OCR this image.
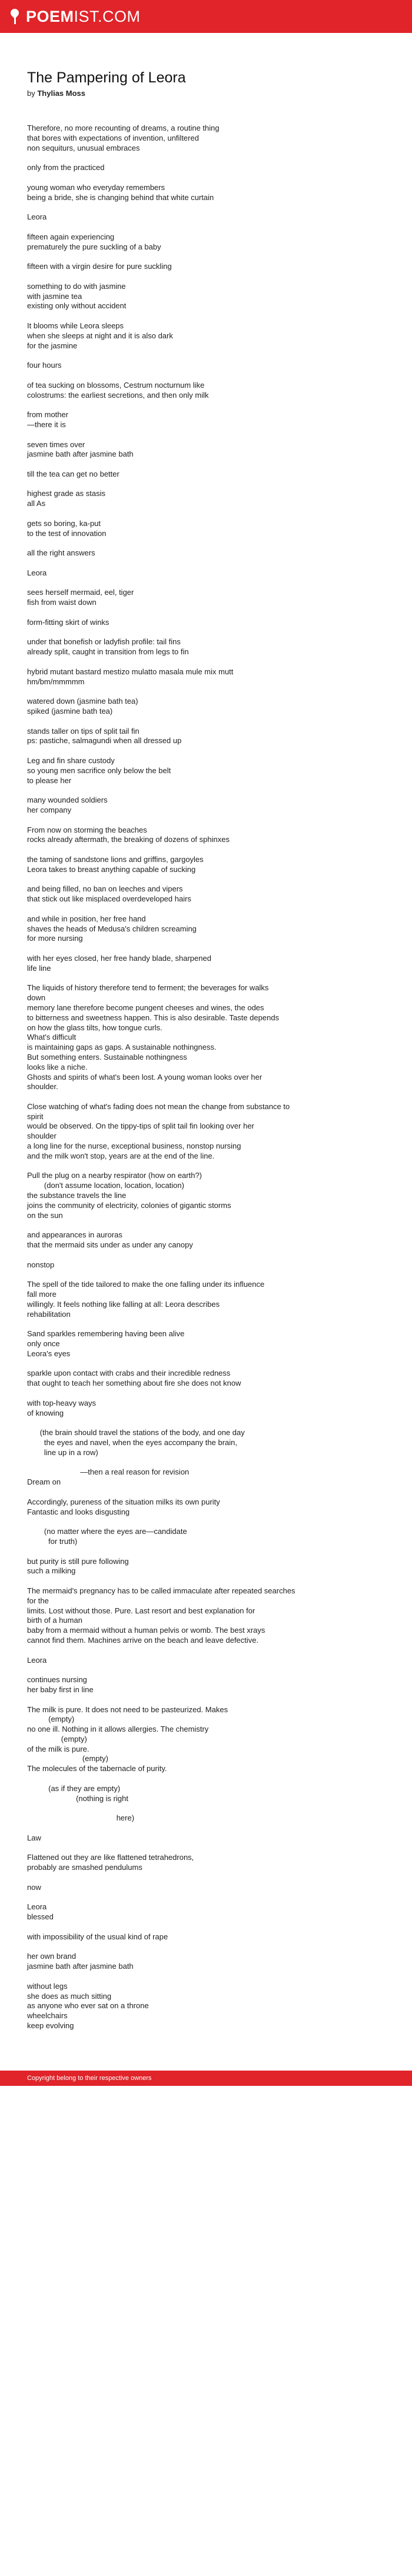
POEMIST.COM
The Pampering of Leora
by Thylias Moss

Therefore, no more recounting of dreams, a routine thing
that bores with expectations of invention, unfiltered
non sequiturs, unusual embraces

only from the practiced

young woman who everyday remembers
being a bride, she is changing behind that white curtain

Leora

fifteen again experiencing
prematurely the pure suckling of a baby

fifteen with a virgin desire for pure suckling

something to do with jasmine
with jasmine tea
existing only without accident

It blooms while Leora sleeps
when she sleeps at night and it is also dark
for the jasmine

four hours

of tea sucking on blossoms, Cestrum nocturnum like
colostrums: the earliest secretions, and then only milk

from mother
—there it is

seven times over
jasmine bath after jasmine bath

till the tea can get no better

highest grade as stasis
all As

gets so boring, ka-put
to the test of innovation

all the right answers

Leora

sees herself mermaid, eel, tiger
fish from waist down

form-fitting skirt of winks

under that bonefish or ladyfish profile: tail fins
already split, caught in transition from legs to fin

hybrid mutant bastard mestizo mulatto masala mule mix mutt
hm/bm/mmmmm

watered down (jasmine bath tea)
spiked (jasmine bath tea)

stands taller on tips of split tail fin
ps: pastiche, salmagundi when all dressed up

Leg and fin share custody
so young men sacrifice only below the belt
to please her

many wounded soldiers
her company

From now on storming the beaches
rocks already aftermath, the breaking of dozens of sphinxes

the taming of sandstone lions and griffins, gargoyles
Leora takes to breast anything capable of sucking

and being filled, no ban on leeches and vipers
that stick out like misplaced overdeveloped hairs

and while in position, her free hand
shaves the heads of Medusa's children screaming
for more nursing

with her eyes closed, her free handy blade, sharpened
life line

The liquids of history therefore tend to ferment; the beverages for walks
down
memory lane therefore become pungent cheeses and wines, the odes
to bitterness and sweetness happen. This is also desirable. Taste depends
on how the glass tilts, how tongue curls.
What's difficult
is maintaining gaps as gaps. A sustainable nothingness.
But something enters. Sustainable nothingness
looks like a niche.
Ghosts and spirits of what's been lost. A young woman looks over her
shoulder.

Close watching of what's fading does not mean the change from substance to
spirit
would be observed. On the tippy-tips of split tail fin looking over her
shoulder
a long line for the nurse, exceptional business, nonstop nursing
and the milk won't stop, years are at the end of the line.

Pull the plug on a nearby respirator (how on earth?)
(don't assume location, location, location)
the substance travels the line
joins the community of electricity, colonies of gigantic storms
on the sun

and appearances in auroras
that the mermaid sits under as under any canopy

nonstop

The spell of the tide tailored to make the one falling under its influence
fall more
willingly. It feels nothing like falling at all: Leora describes
rehabilitation

Sand sparkles remembering having been alive
only once
Leora's eyes

sparkle upon contact with crabs and their incredible redness
that ought to teach her something about fire she does not know

with top-heavy ways
of knowing

(the brain should travel the stations of the body, and one day
the eyes and navel, when the eyes accompany the brain,
line up in a row)

—then a real reason for revision
Dream on

Accordingly, pureness of the situation milks its own purity
Fantastic and looks disgusting

(no matter where the eyes are—candidate
for truth)

but purity is still pure following
such a milking

The mermaid's pregnancy has to be called immaculate after repeated searches
for the
limits. Lost without those. Pure. Last resort and best explanation for
birth of a human
baby from a mermaid without a human pelvis or womb. The best xrays
cannot find them. Machines arrive on the beach and leave defective.

Leora

continues nursing
her baby first in line

The milk is pure. It does not need to be pasteurized. Makes
(empty)
no one ill. Nothing in it allows allergies. The chemistry
(empty)
of the milk is pure.
(empty)
The molecules of the tabernacle of purity.

(as if they are empty)
(nothing is right

here)

Law

Flattened out they are like flattened tetrahedrons,
probably are smashed pendulums

now

Leora
blessed

with impossibility of the usual kind of rape

her own brand
jasmine bath after jasmine bath

without legs
she does as much sitting
as anyone who ever sat on a throne
wheelchairs
keep evolving

Copyright belong to their respective owners
